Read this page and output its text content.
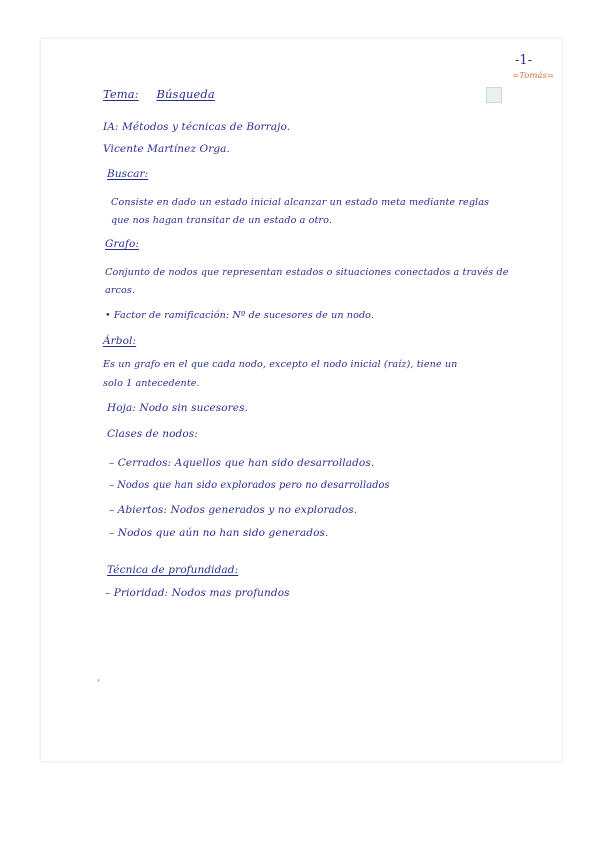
-1-
=Tomás=
Tema: Búsqueda
IA: Métodos y técnicas de Borrajo.
Vicente Martínez Orga.
Buscar:
Consiste en dado un estado inicial alcanzar un estado meta mediante reglas
que nos hagan transitar de un estado a otro.
Grafo:
Conjunto de nodos que representan estados o situaciones conectados a través de
arcos.
• Factor de ramificación: Nº de sucesores de un nodo.
Árbol:
Es un grafo en el que cada nodo, excepto el nodo inicial (raíz), tiene un
solo 1 antecedente.
Hoja: Nodo sin sucesores.
Clases de nodos:
– Cerrados: Aquellos que han sido desarrollados.
– Nodos que han sido explorados pero no desarrollados
– Abiertos: Nodos generados y no explorados.
– Nodos que aún no han sido generados.
Técnica de profundidad:
– Prioridad: Nodos mas profundos
